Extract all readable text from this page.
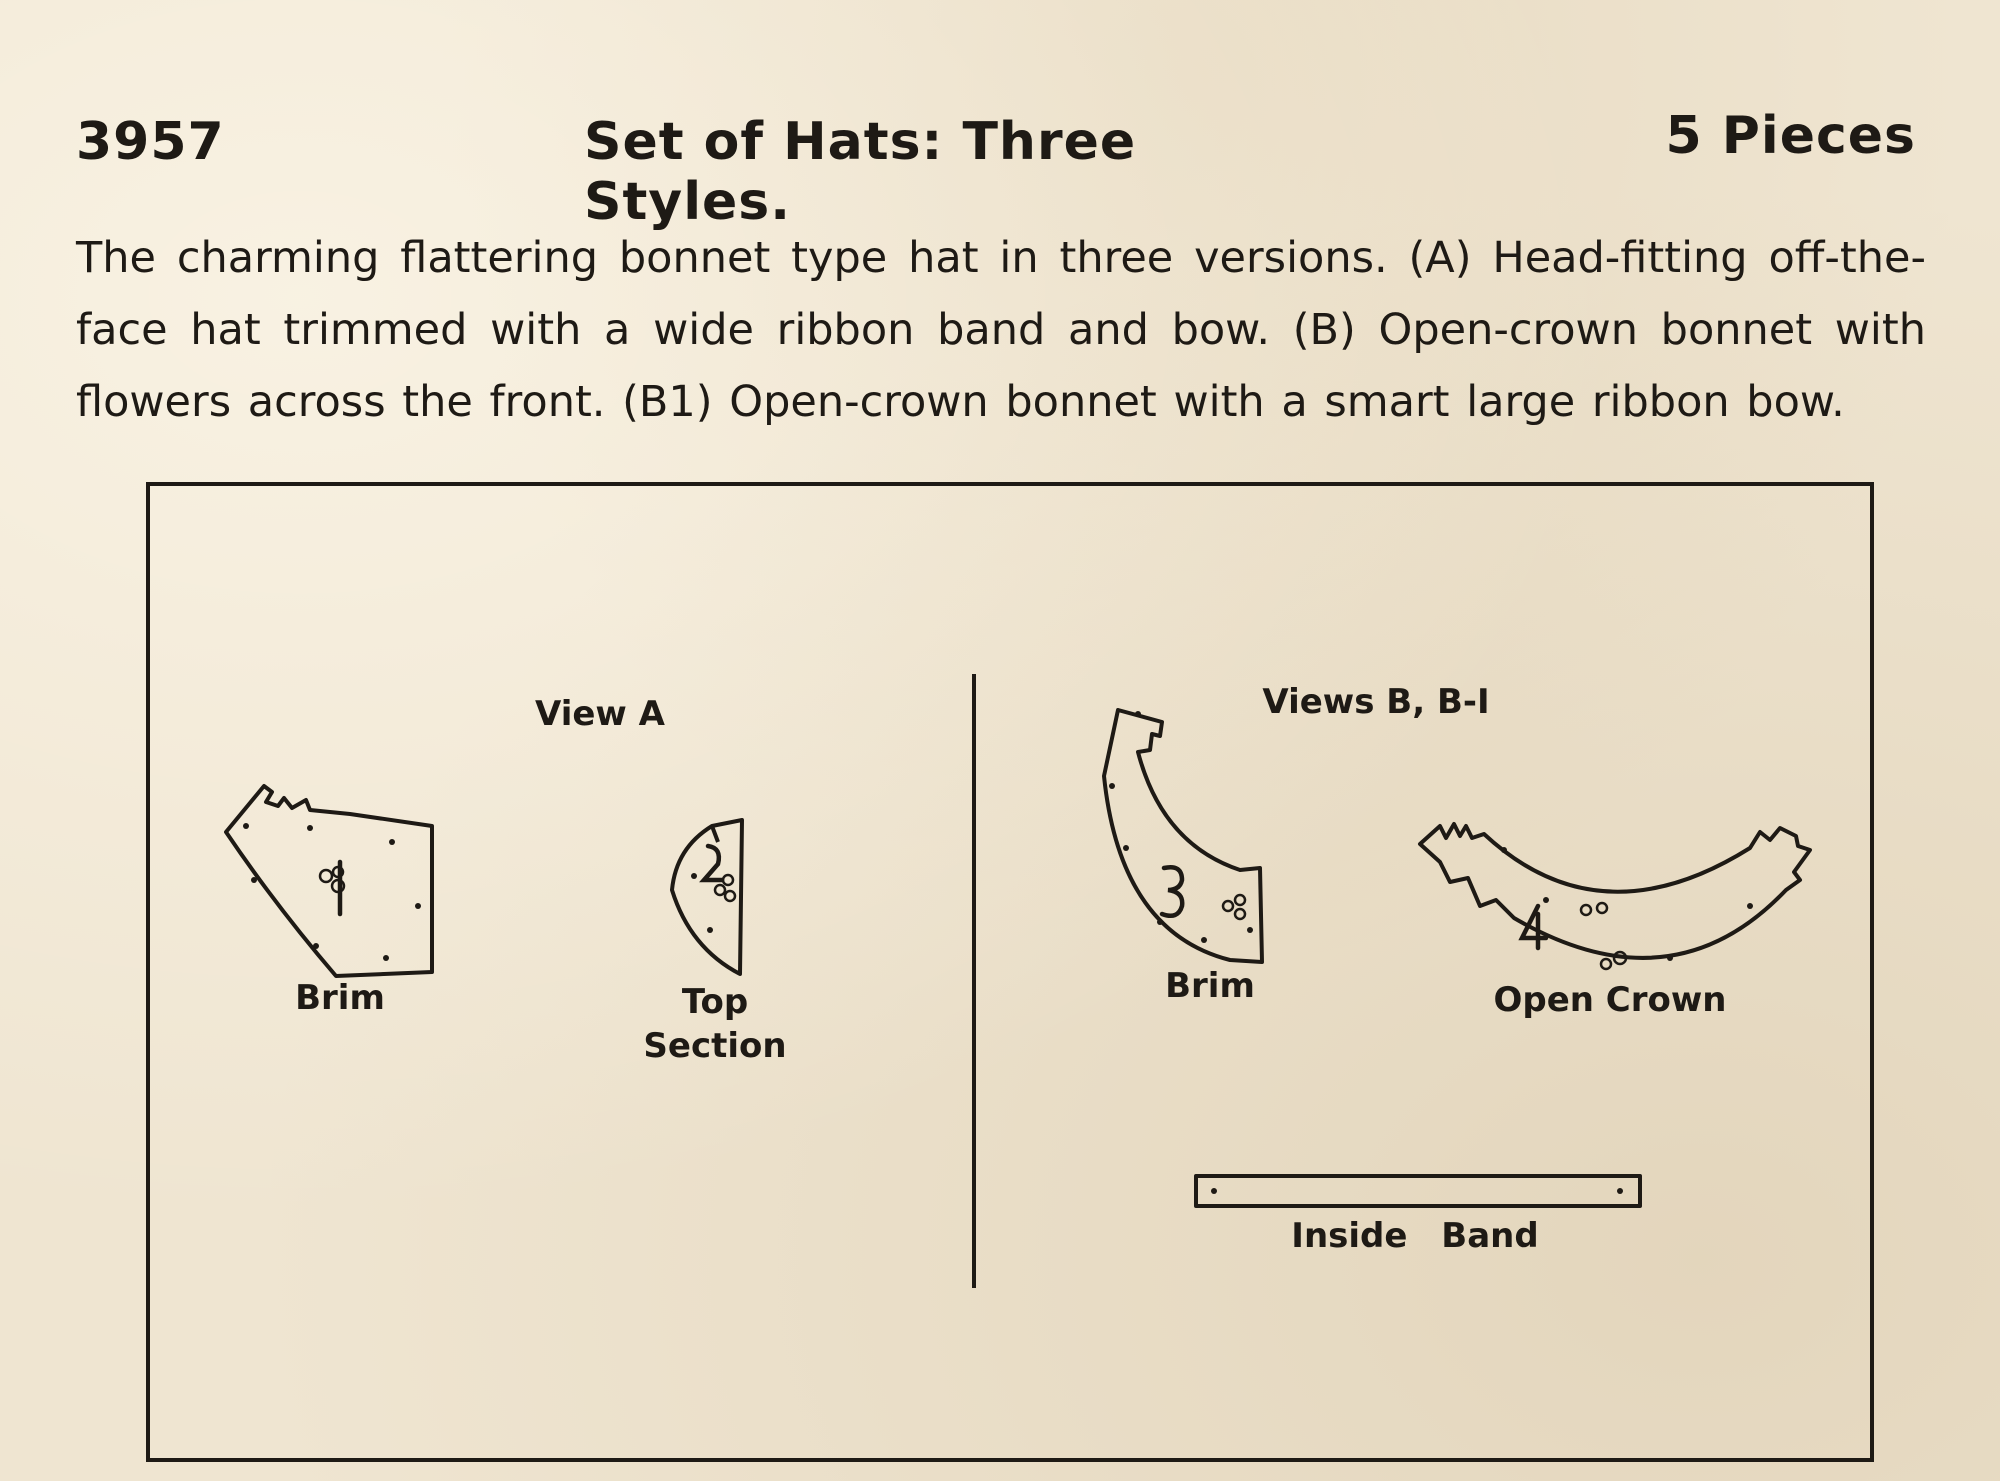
3957	Set of Hats: Three Styles.
5 Pieces
The charming flattering bonnet type hat in three versions. (A) Head-fitting off-the-face hat trimmed with a wide ribbon band and bow. (B) Open-crown bonnet with flowers across the front. (B1) Open-crown bonnet with a smart large ribbon bow.
View A	Views B, B-I
Brim	Top Section
Brim	Open Crown
Inside Band
